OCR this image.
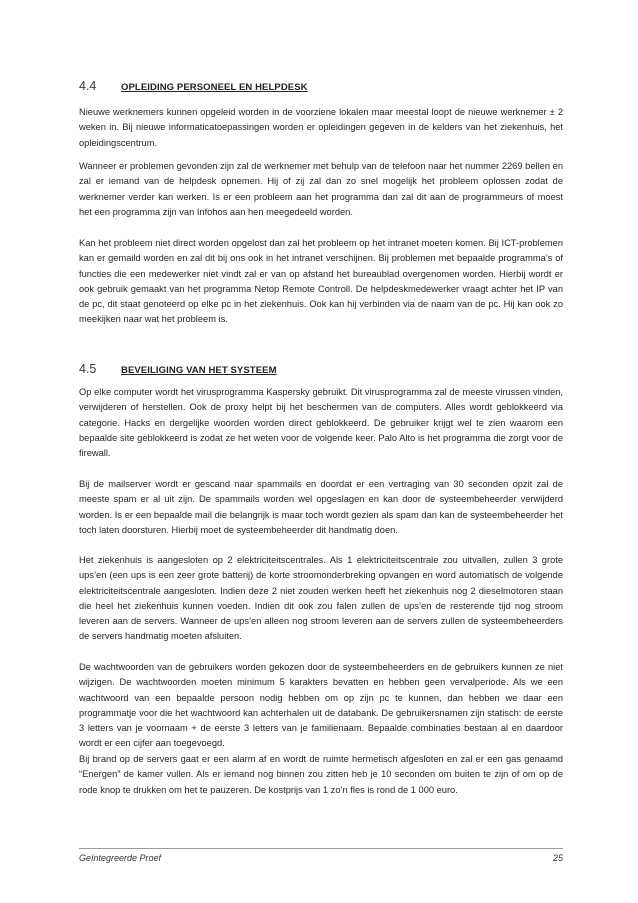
4.4	OPLEIDING PERSONEEL EN HELPDESK

Nieuwe werknemers kunnen opgeleid worden in de voorziene lokalen maar meestal loopt de nieuwe werknemer ± 2 weken in. Bij nieuwe informaticatoepassingen worden er opleidingen gegeven in de kelders van het ziekenhuis, het opleidingscentrum.

Wanneer er problemen gevonden zijn zal de werknemer met behulp van de telefoon naar het nummer 2269 bellen en zal er iemand van de helpdesk opnemen. Hij of zij zal dan zo snel mogelijk het probleem oplossen zodat de werknemer verder kan werken. Is er een probleem aan het programma dan zal dit aan de programmeurs of moest het een programma zijn van Infohos aan hen meegedeeld worden.

Kan het probleem niet direct worden opgelost dan zal het probleem op het intranet moeten komen. Bij ICT-problemen kan er gemaild worden en zal dit bij ons ook in het intranet verschijnen. Bij problemen met bepaalde programma’s of functies die een medewerker niet vindt zal er van op afstand het bureaublad overgenomen worden. Hierbij wordt er ook gebruik gemaakt van het programma Netop Remote Controll. De helpdeskmedewerker vraagt achter het IP van de pc, dit staat genoteerd op elke pc in het ziekenhuis. Ook kan hij verbinden via de naam van de pc. Hij kan ook zo meekijken naar wat het probleem is.

4.5	BEVEILIGING VAN HET SYSTEEM

Op elke computer wordt het virusprogramma Kaspersky gebruikt. Dit virusprogramma zal de meeste virussen vinden, verwijderen of herstellen. Ook de proxy helpt bij het beschermen van de computers. Alles wordt geblokkeerd via categorie. Hacks en dergelijke woorden worden direct geblokkeerd. De gebruiker krijgt wel te zien waarom een bepaalde site geblokkeerd is zodat ze het weten voor de volgende keer. Palo Alto is het programma die zorgt voor de firewall.

Bij de mailserver wordt er gescand naar spammails en doordat er een vertraging van 30 seconden opzit zal de meeste spam er al uit zijn. De spammails worden wel opgeslagen en kan door de systeembeheerder verwijderd worden. Is er een bepaalde mail die belangrijk is maar toch wordt gezien als spam dan kan de systeembeheerder het toch laten doorsturen. Hierbij moet de systeembeheerder dit handmatig doen.

Het ziekenhuis is aangesloten op 2 elektriciteitscentrales. Als 1 elektriciteitscentrale zou uitvallen, zullen 3 grote ups’en (een ups is een zeer grote batterij) de korte stroomonderbreking opvangen en word automatisch de volgende elektriciteitscentrale aangesloten. Indien deze 2 niet zouden werken heeft het ziekenhuis nog 2 dieselmotoren staan die heel het ziekenhuis kunnen voeden. Indien dit ook zou falen zullen de ups’en de resterende tijd nog stroom leveren aan de servers. Wanneer de ups’en alleen nog stroom leveren aan de servers zullen de systeembeheerders de servers handmatig moeten afsluiten.

De wachtwoorden van de gebruikers worden gekozen door de systeembeheerders en de gebruikers kunnen ze niet wijzigen. De wachtwoorden moeten minimum 5 karakters bevatten en hebben geen vervalperiode. Als we een wachtwoord van een bepaalde persoon nodig hebben om op zijn pc te kunnen, dan hebben we daar een programmatje voor die het wachtwoord kan achterhalen uit de databank. De gebruikersnamen zijn statisch: de eerste 3 letters van je voornaam + de eerste 3 letters van je familienaam. Bepaalde combinaties bestaan al en daardoor wordt er een cijfer aan toegevoegd.

Bij brand op de servers gaat er een alarm af en wordt de ruimte hermetisch afgesloten en zal er een gas genaamd “Energen” de kamer vullen. Als er iemand nog binnen zou zitten heb je 10 seconden om buiten te zijn of om op de rode knop te drukken om het te pauzeren. De kostprijs van 1 zo’n fles is rond de 1 000 euro.

Geïntegreerde Proef	25
